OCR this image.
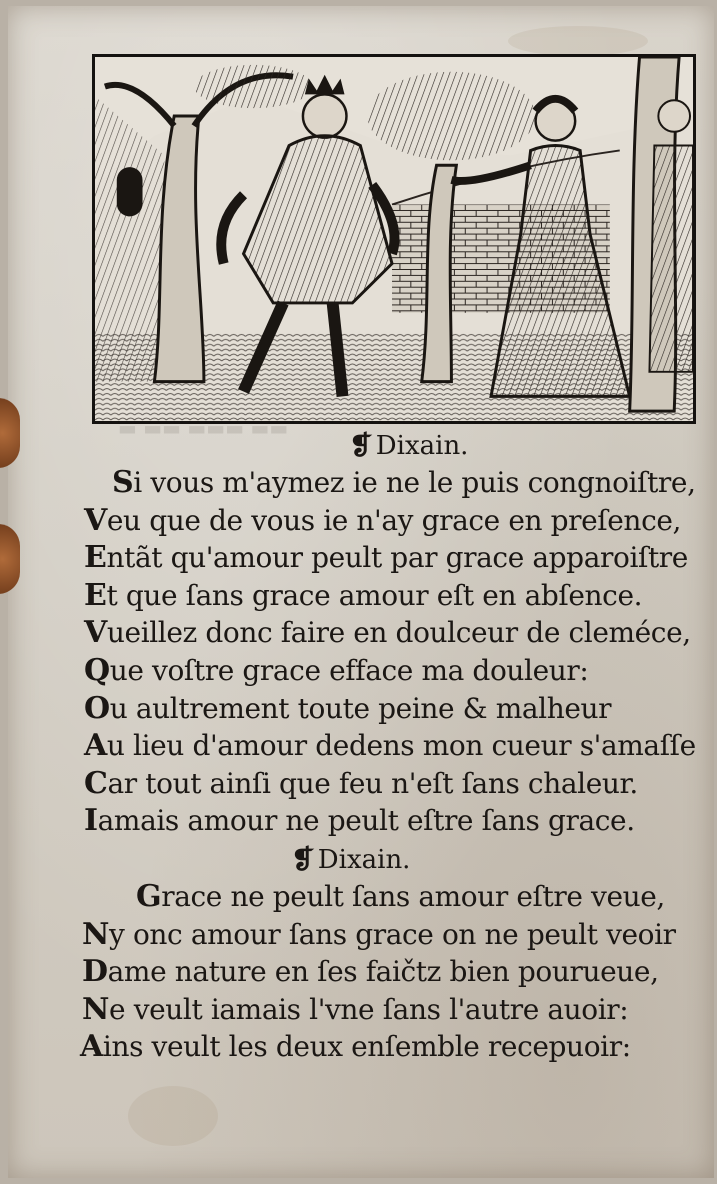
▬ ▬▬ ▬▬▬ ▬▬
❡ Dixain.
Si vous m'aymez ie ne le puis congnoiſtre,
Veu que de vous ie n'ay grace en preſence,
Entãt qu'amour peult par grace apparoiſtre
Et que ſans grace amour eſt en abſence.
Vueillez donc faire en doulceur de cleméce,
Que voſtre grace efface ma douleur:
Ou aultrement toute peine & malheur
Au lieu d'amour dedens mon cueur s'amaſſe
Car tout ainſi que feu n'eſt ſans chaleur.
Iamais amour ne peult eſtre ſans grace.
❡ Dixain.
Grace ne peult ſans amour eſtre veue,
Ny onc amour ſans grace on ne peult veoir
Dame nature en ſes faičtz bien pourueue,
Ne veult iamais l'vne ſans l'autre auoir:
Ains veult les deux enſemble recepuoir:
